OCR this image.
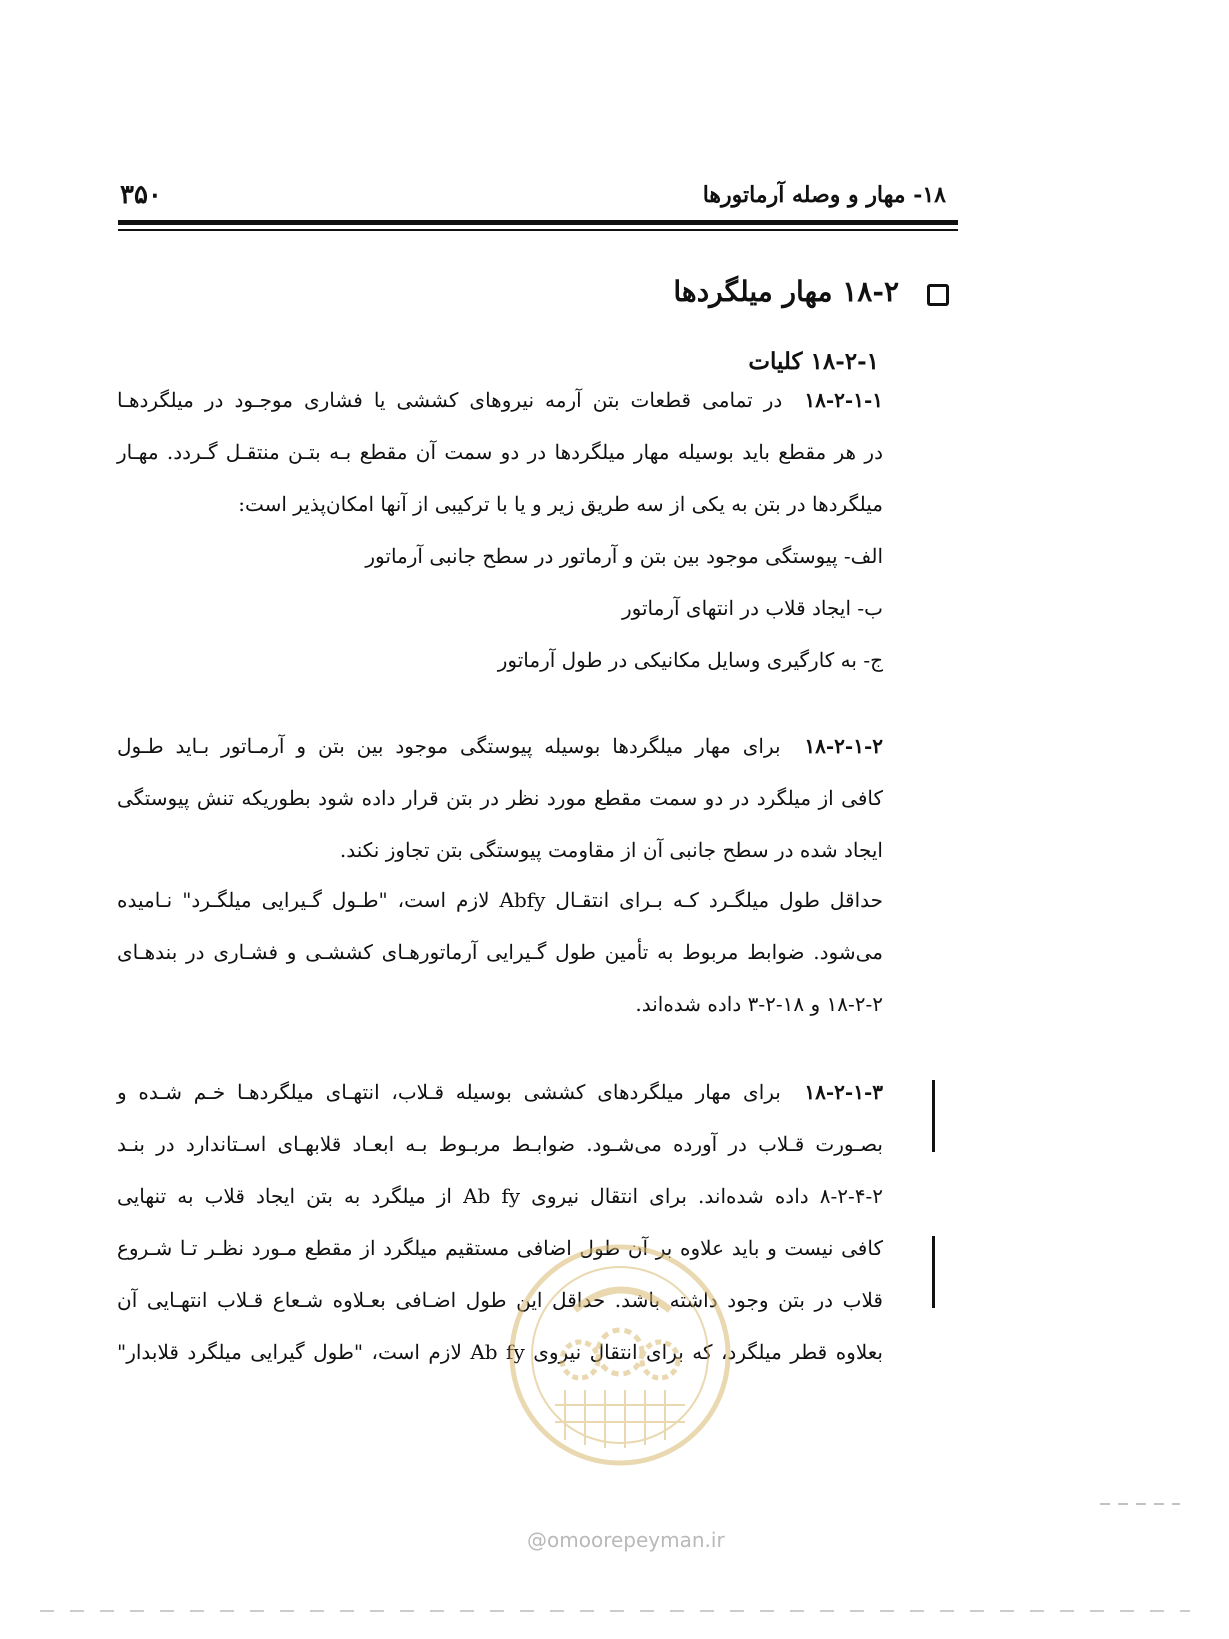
۳۵۰	۱۸- مهار و وصله آرماتورها
۱۸-۲ مهار میلگردها
۱۸-۲-۱ کلیات
۱۸-۲-۱-۱  در تمامی قطعات بتن آرمه نیروهای کششی یا فشاری موجـود در میلگردهـا
در هر مقطع باید بوسیله مهار میلگردها در دو سمت آن مقطع بـه بتـن منتقـل گـردد. مهـار
میلگردها در بتن به یکی از سه طریق زیر و یا با ترکیبی از آنها امکان‌پذیر است:
الف- پیوستگی موجود بین بتن و آرماتور در سطح جانبی آرماتور
ب- ایجاد قلاب در انتهای آرماتور
ج- به کارگیری وسایل مکانیکی در طول آرماتور
۱۸-۲-۱-۲  برای مهار میلگردها بوسیله پیوستگی موجود بین بتن و آرمـاتور بـاید طـول
کافی از میلگرد در دو سمت مقطع مورد نظر در بتن قرار داده شود بطوریکه تنش پیوستگی
ایجاد شده در سطح جانبی آن از مقاومت پیوستگی بتن تجاوز نکند.
حداقل طول میلگـرد کـه بـرای انتقـال Abfy لازم است، "طـول گـیرایی میلگـرد" نـامیده
می‌شود. ضوابط مربوط به تأمین طول گـیرایی آرماتورهـای کششـی و فشـاری در بندهـای
۱۸-۲-۲ و ۱۸-۲-۳ داده شده‌اند.
۱۸-۲-۱-۳  برای مهار میلگردهای کششی بوسیله قـلاب، انتهـای میلگردهـا خـم شـده و
بصـورت قـلاب در آورده می‌شـود. ضوابـط مربـوط بـه ابعـاد قلابهـای اسـتاندارد در بنـد
۸-۲-۴-۲ داده شده‌اند. برای انتقال نیروی Ab fy از میلگرد به بتن ایجاد قلاب به تنهایی
کافی نیست و باید علاوه بر آن طول اضافی مستقیم میلگرد از مقطع مـورد نظـر تـا شـروع
قلاب در بتن وجود داشته باشد. حداقل این طول اضـافی بعـلاوه شـعاع قـلاب انتهـایی آن
بعلاوه قطر میلگرد، که برای انتقال نیروی Ab fy لازم است، "طول گیرایی میلگرد قلابدار"
@omoorepeyman.ir
